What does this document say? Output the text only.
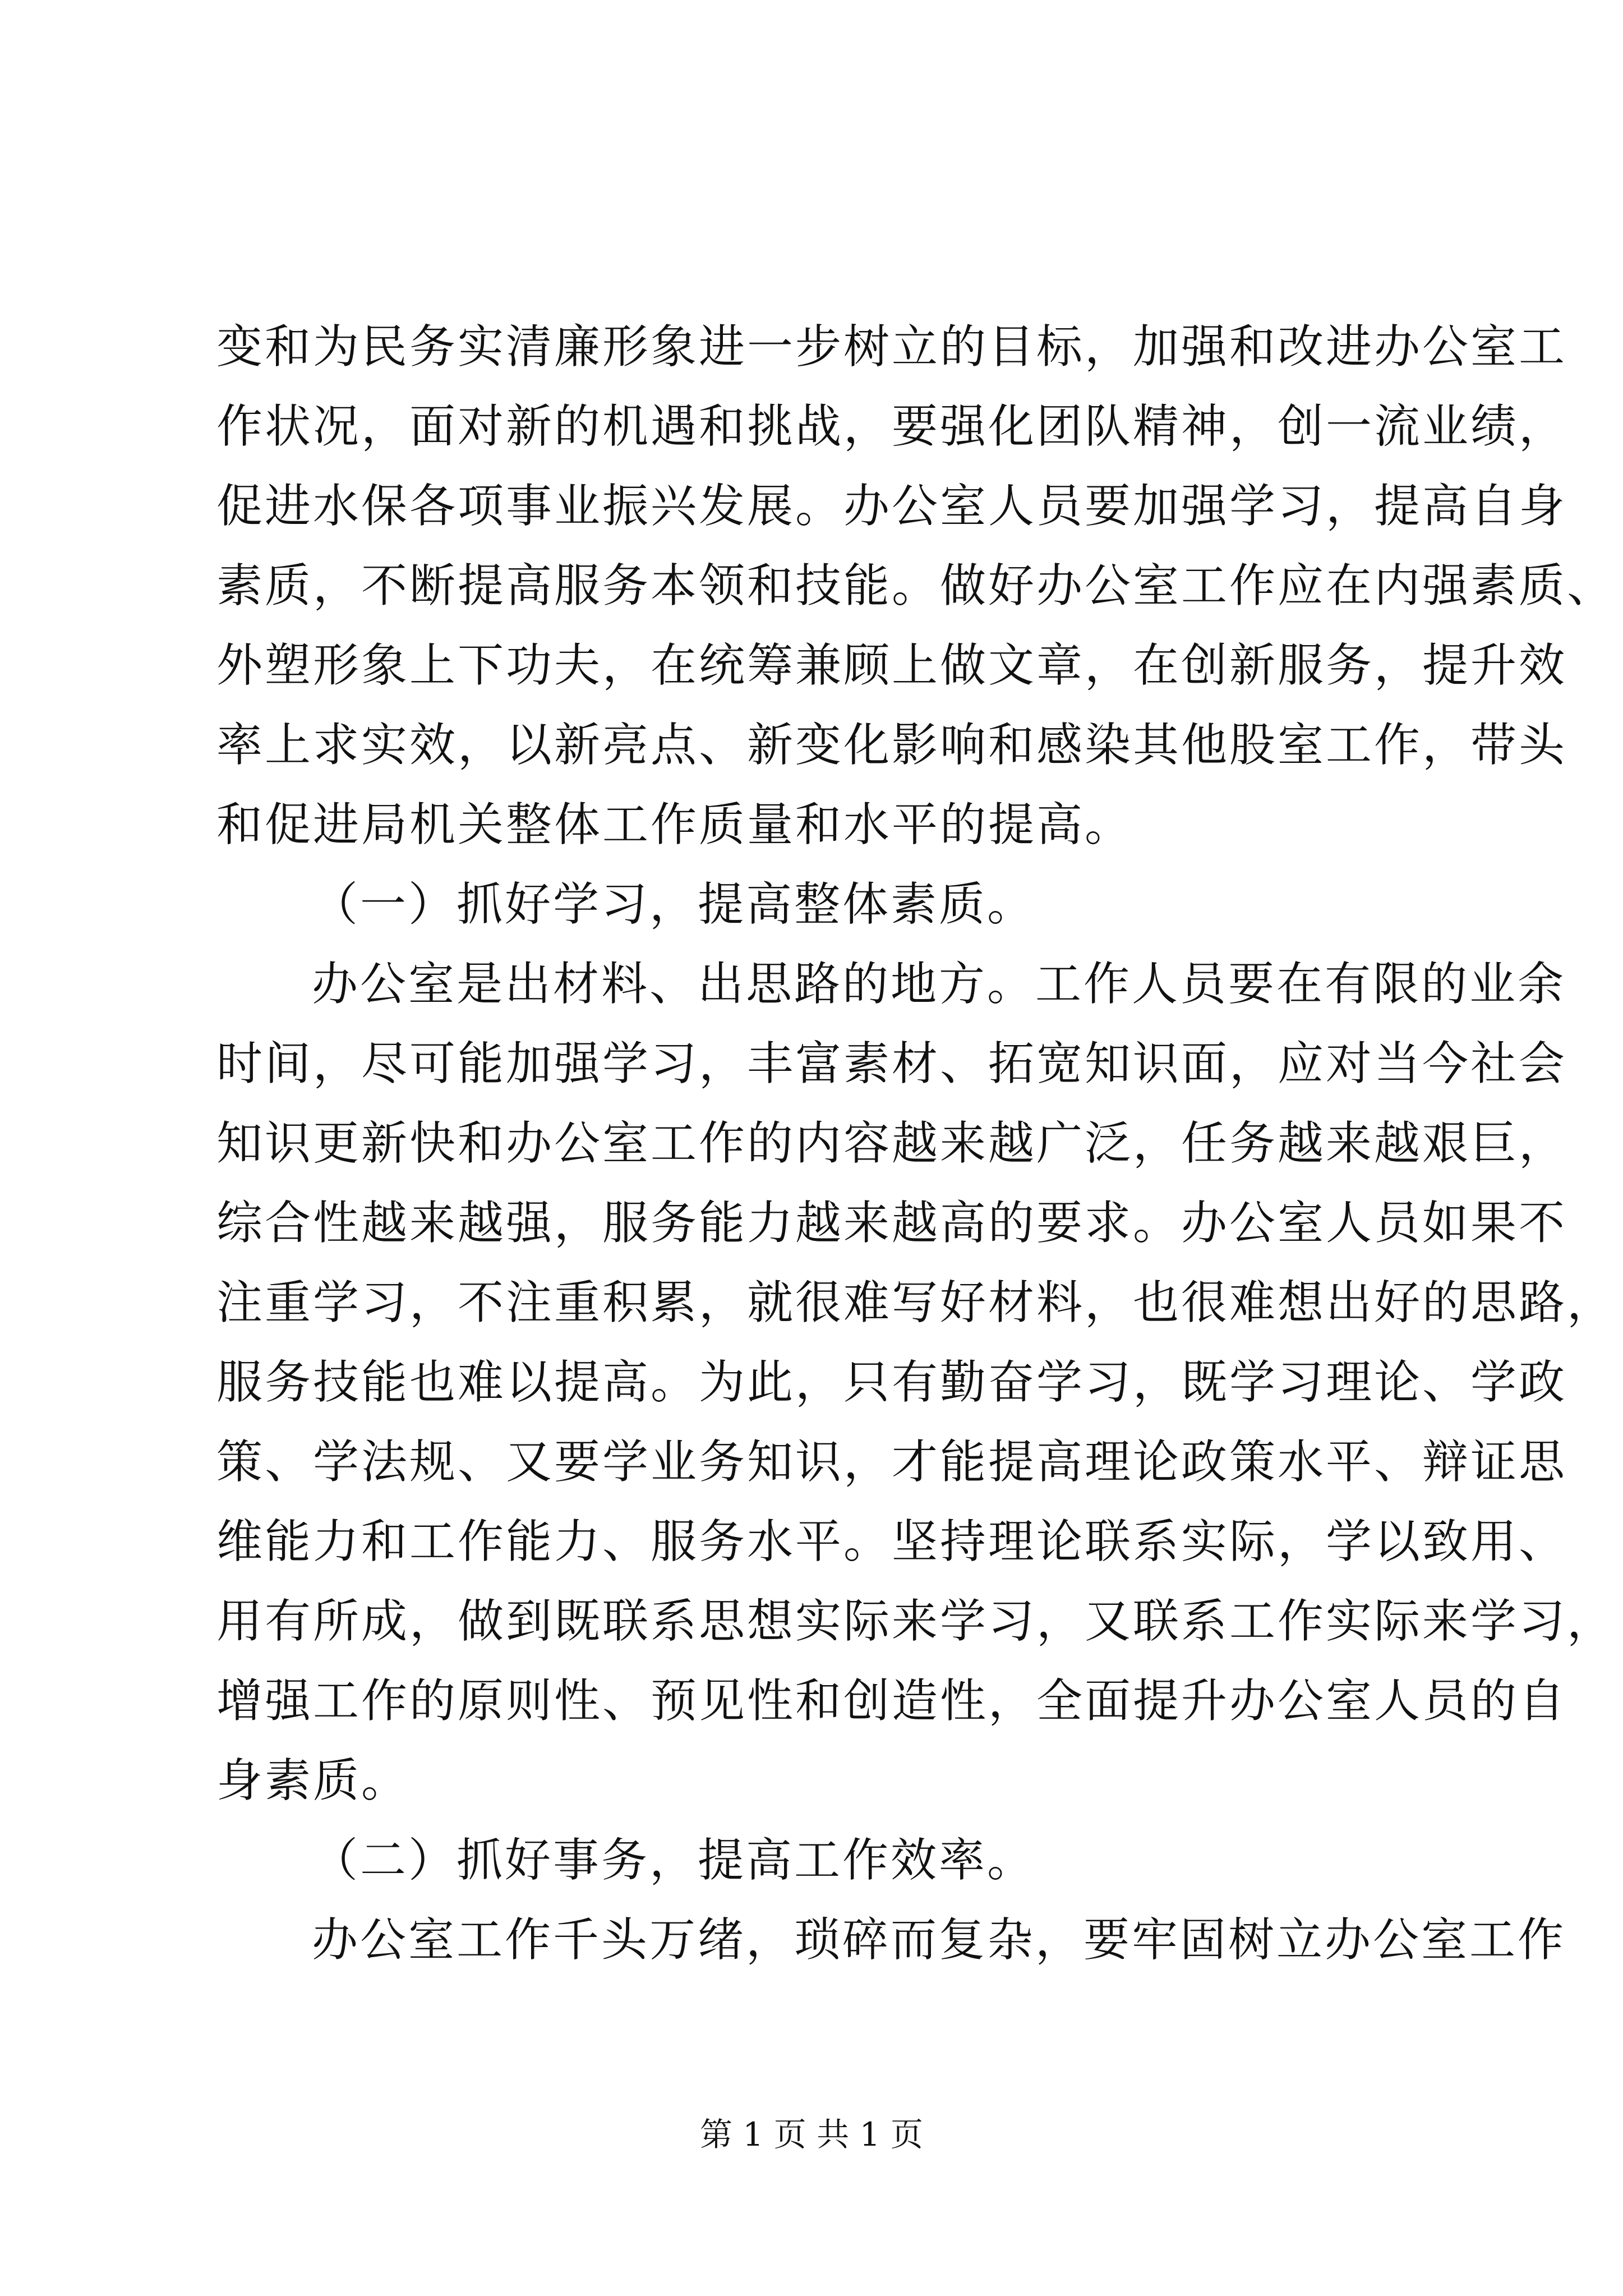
变和为民务实清廉形象进一步树立的目标，加强和改进办公室工
作状况，面对新的机遇和挑战，要强化团队精神，创一流业绩，
促进水保各项事业振兴发展。办公室人员要加强学习，提高自身
素质，不断提高服务本领和技能。做好办公室工作应在内强素质、
外塑形象上下功夫，在统筹兼顾上做文章，在创新服务，提升效
率上求实效，以新亮点、新变化影响和感染其他股室工作，带头
和促进局机关整体工作质量和水平的提高。
（一）抓好学习，提高整体素质。
办公室是出材料、出思路的地方。工作人员要在有限的业余
时间，尽可能加强学习，丰富素材、拓宽知识面，应对当今社会
知识更新快和办公室工作的内容越来越广泛，任务越来越艰巨，
综合性越来越强，服务能力越来越高的要求。办公室人员如果不
注重学习，不注重积累，就很难写好材料，也很难想出好的思路，
服务技能也难以提高。为此，只有勤奋学习，既学习理论、学政
策、学法规、又要学业务知识，才能提高理论政策水平、辩证思
维能力和工作能力、服务水平。坚持理论联系实际，学以致用、
用有所成，做到既联系思想实际来学习，又联系工作实际来学习，
增强工作的原则性、预见性和创造性，全面提升办公室人员的自
身素质。
（二）抓好事务，提高工作效率。
办公室工作千头万绪，琐碎而复杂，要牢固树立办公室工作
第 1 页 共 1 页
